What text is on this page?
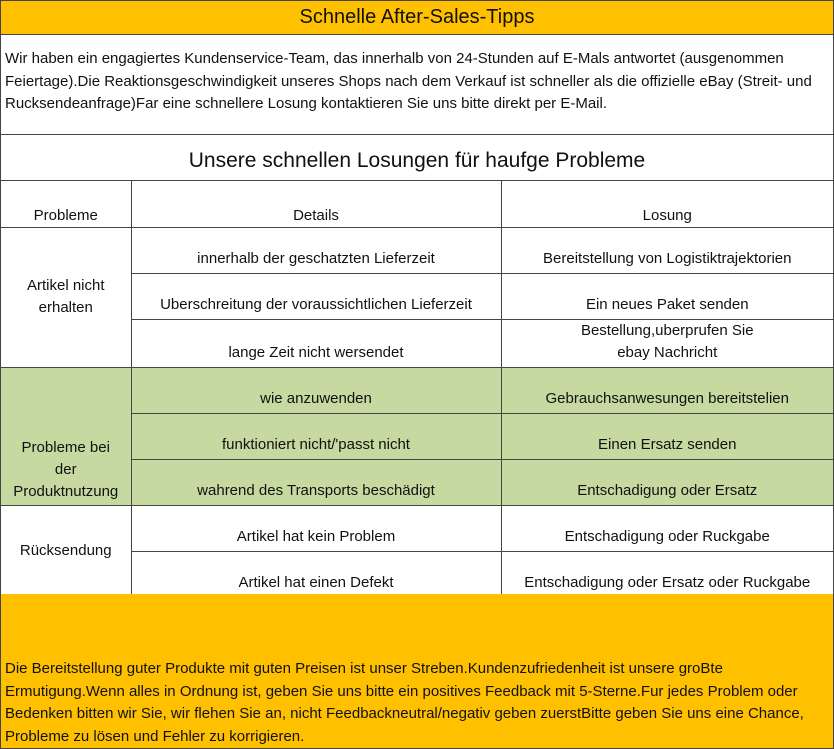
Schnelle After-Sales-Tipps
Wir haben ein engagiertes Kundenservice-Team, das innerhalb von 24-Stunden auf E-Mals antwortet (ausgenommen Feiertage).Die Reaktionsgeschwindigkeit unseres Shops nach dem Verkauf ist schneller als die offizielle eBay (Streit- und Rucksendeanfrage)Far eine schnellere Losung kontaktieren Sie uns bitte direkt per E-Mail.
Unsere schnellen Losungen für haufge Probleme
Probleme	Details	Losung
Artikel nicht
erhalten	innerhalb der geschatzten Lieferzeit	Bereitstellung von Logistiktrajektorien
	Uberschreitung der voraussichtlichen Lieferzeit	Ein neues Paket senden
	lange Zeit nicht wersendet	Bestellung,uberprufen Sie
ebay Nachricht
Probleme bei
der
Produktnutzung	wie anzuwenden	Gebrauchsanwesungen bereitstelien
	funktioniert nicht/'passt nicht	Einen Ersatz senden
	wahrend des Transports beschädigt	Entschadigung oder Ersatz
Rücksendung	Artikel hat kein Problem	Entschadigung oder Ruckgabe
	Artikel hat einen Defekt	Entschadigung oder Ersatz oder Ruckgabe
Die Bereitstellung guter Produkte mit guten Preisen ist unser Streben.Kundenzufriedenheit ist unsere groBte Ermutigung.Wenn alles in Ordnung ist, geben Sie uns bitte ein positives Feedback mit 5-Sterne.Fur jedes Problem oder Bedenken bitten wir Sie, wir flehen Sie an, nicht Feedbackneutral/negativ geben zuerstBitte geben Sie uns eine Chance, Probleme zu lösen und Fehler zu korrigieren.
